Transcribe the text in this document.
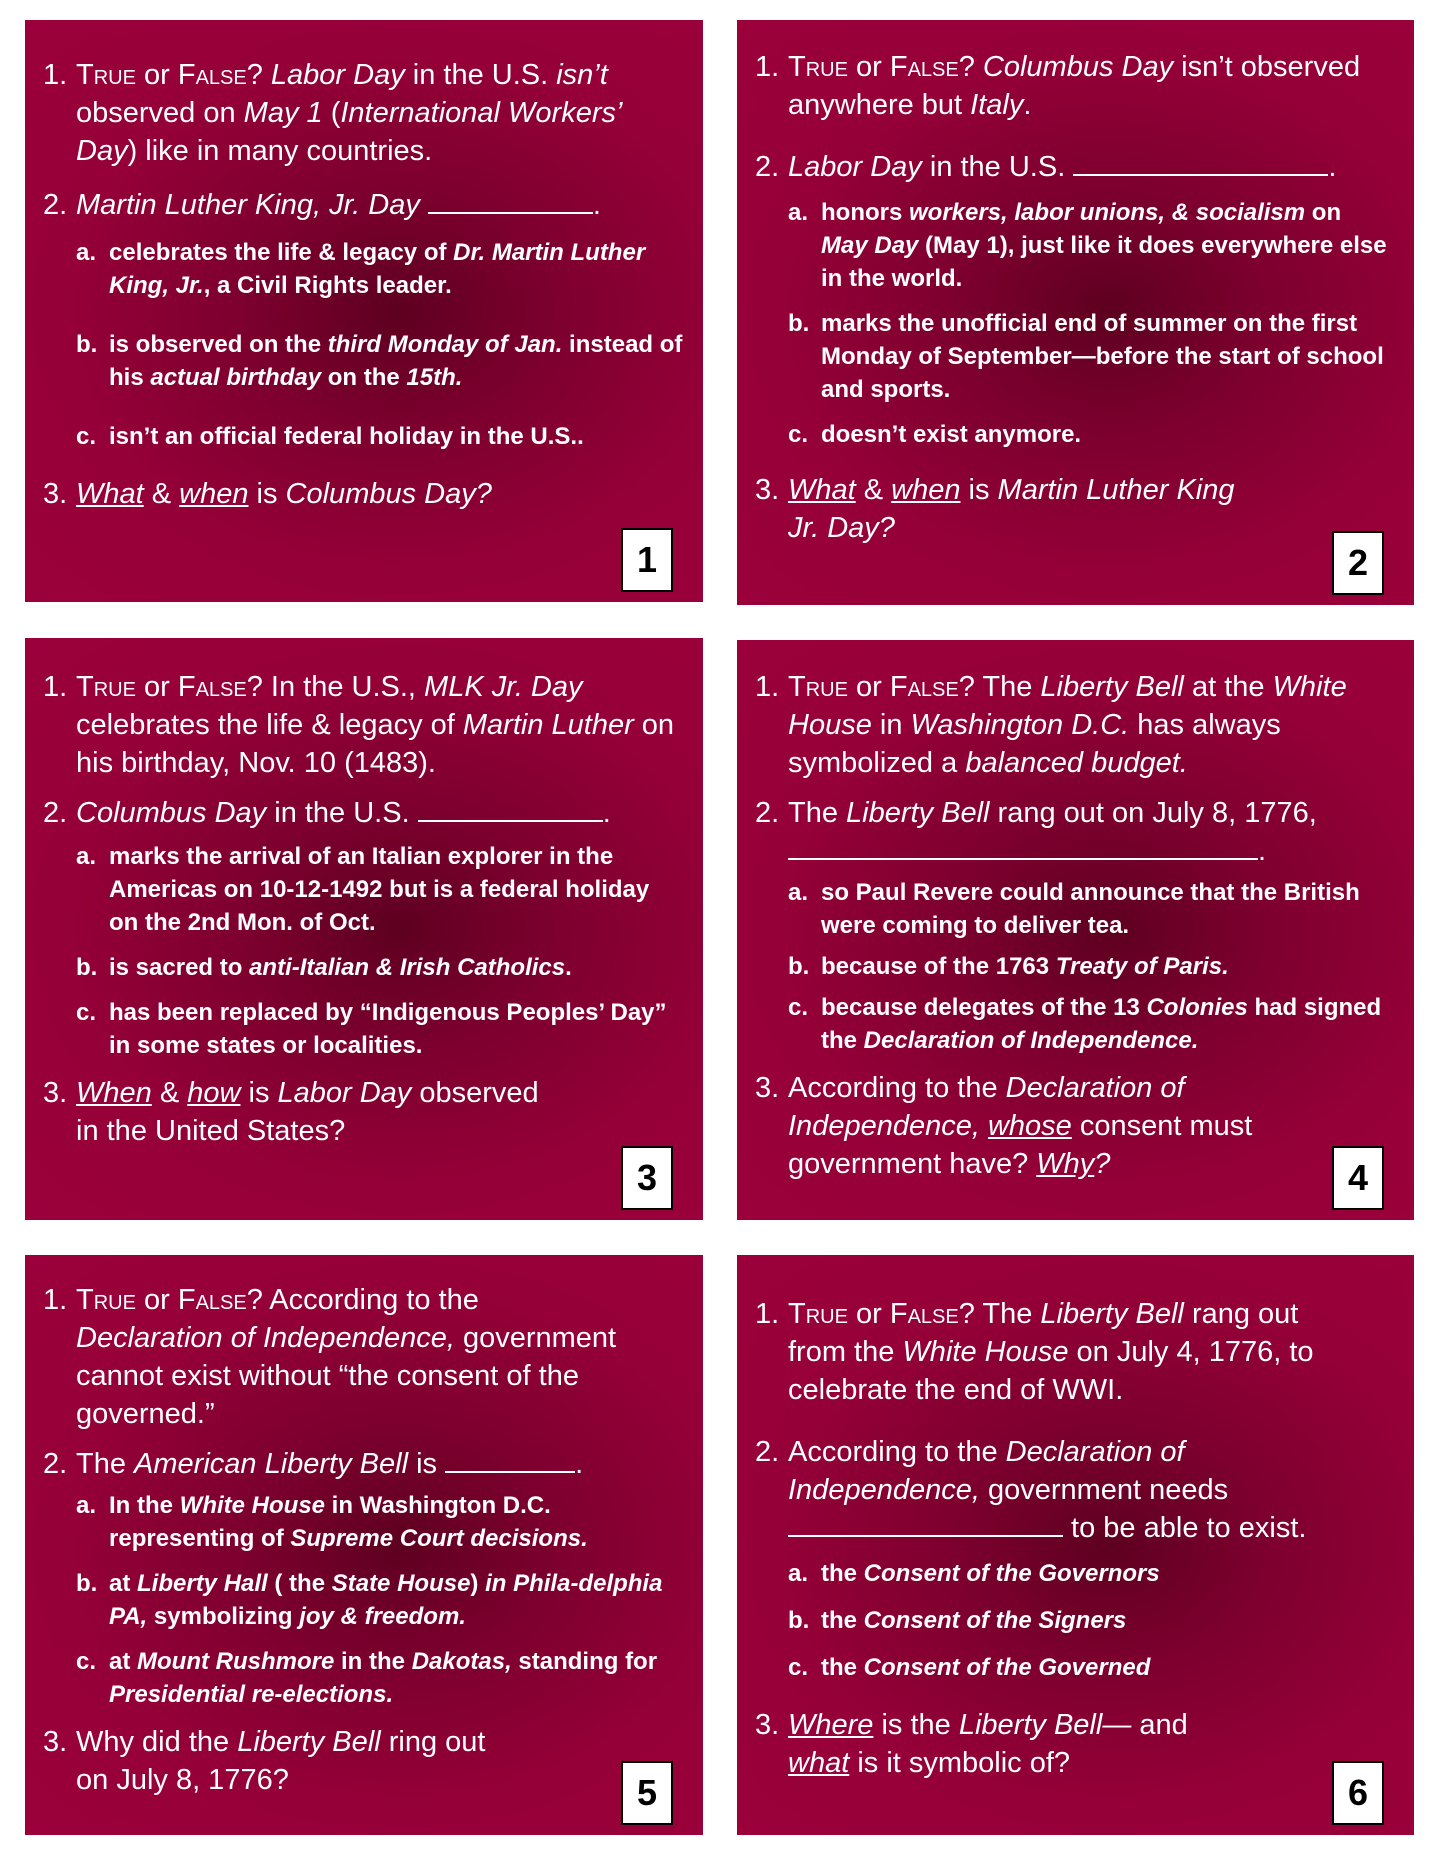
1. True or False? Labor Day in the U.S. isn’t observed on May 1 (International Workers’ Day) like in many countries.
2. Martin Luther King, Jr. Day	.
a. celebrates the life & legacy of Dr. Martin Luther King, Jr., a Civil Rights leader.
b. is observed on the third Monday of Jan. instead of his actual birthday on the 15th.
c. isn’t an official federal holiday in the U.S..
3. What & when is Columbus Day?
1
1. True or False? Columbus Day isn’t observed anywhere but Italy.
2. Labor Day in the U.S.	.
a. honors workers, labor unions, & socialism on May Day (May 1), just like it does everywhere else in the world.
b. marks the unofficial end of summer on the first Monday of September—before the start of school and sports.
c. doesn’t exist anymore.
3. What & when is Martin Luther King Jr. Day?
2
1. True or False? In the U.S., MLK Jr. Day celebrates the life & legacy of Martin Luther on his birthday, Nov. 10 (1483).
2. Columbus Day in the U.S.	.
a. marks the arrival of an Italian explorer in the Americas on 10-12-1492 but is a federal holiday on the 2nd Mon. of Oct.
b. is sacred to anti-Italian & Irish Catholics.
c. has been replaced by “Indigenous Peoples’ Day” in some states or localities.
3. When & how is Labor Day observed in the United States?
3
1. True or False? The Liberty Bell at the White House in Washington D.C. has always symbolized a balanced budget.
2. The Liberty Bell rang out on July 8, 1776, .
a. so Paul Revere could announce that the British were coming to deliver tea.
b. because of the 1763 Treaty of Paris.
c. because delegates of the 13 Colonies had signed the Declaration of Independence.
3. According to the Declaration of Independence, whose consent must government have? Why?	4
1. True or False? According to the Declaration of Independence, government cannot exist without “the consent of the governed.”
2. The American Liberty Bell is	.
a. In the White House in Washington D.C. representing of Supreme Court decisions.
b. at Liberty Hall ( the State House) in Phila-delphia PA, symbolizing joy & freedom.
c. at Mount Rushmore in the Dakotas, standing for Presidential re-elections.
3. Why did the Liberty Bell ring out on July 8, 1776?	5
1. True or False? The Liberty Bell rang out from the White House on July 4, 1776, to celebrate the end of WWI.
2. According to the Declaration of Independence, government needs  to be able to exist.
a. the Consent of the Governors
b. the Consent of the Signers
c. the Consent of the Governed
3. Where is the Liberty Bell— and what is it symbolic of?
6
